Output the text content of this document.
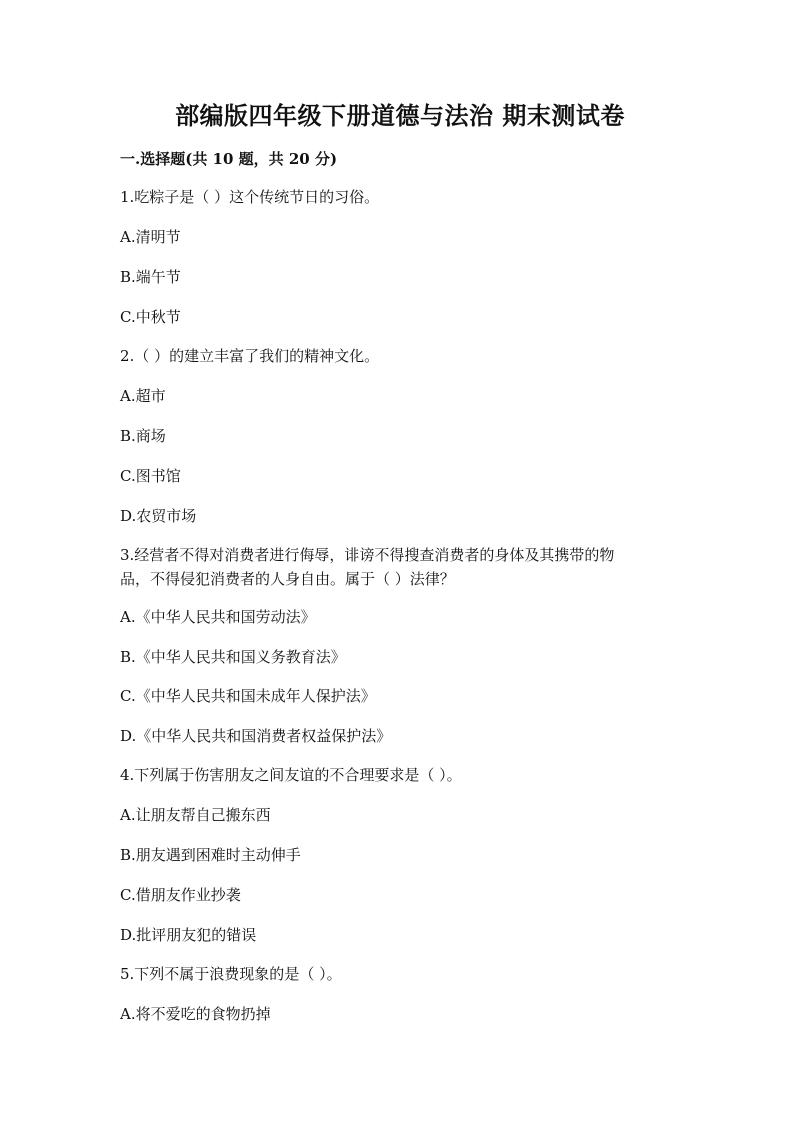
部编版四年级下册道德与法治 期末测试卷
一.选择题(共 10 题，共 20 分)
1.吃粽子是（ ）这个传统节日的习俗。
A.清明节
B.端午节
C.中秋节
2.（ ）的建立丰富了我们的精神文化。
A.超市
B.商场
C.图书馆
D.农贸市场
3.经营者不得对消费者进行侮辱，诽谤不得搜查消费者的身体及其携带的物
品，不得侵犯消费者的人身自由。属于（ ）法律？
A.《中华人民共和国劳动法》
B.《中华人民共和国义务教育法》
C.《中华人民共和国未成年人保护法》
D.《中华人民共和国消费者权益保护法》
4.下列属于伤害朋友之间友谊的不合理要求是（ ）。
A.让朋友帮自己搬东西
B.朋友遇到困难时主动伸手
C.借朋友作业抄袭
D.批评朋友犯的错误
5.下列不属于浪费现象的是（ ）。
A.将不爱吃的食物扔掉
